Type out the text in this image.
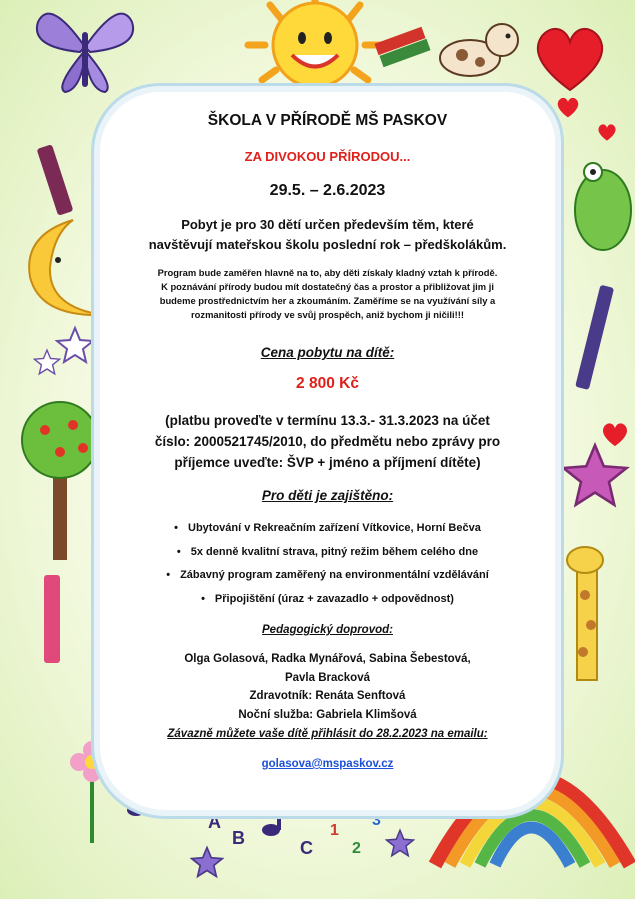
A
B	C
1
2
3
ŠKOLA V PŘÍRODĚ MŠ PASKOV
ZA DIVOKOU PŘÍRODOU...
29.5. – 2.6.2023
Pobyt je pro 30 dětí určen především těm, které
navštěvují mateřskou školu poslední rok – předškolákům.
Program bude zaměřen hlavně na to, aby děti získaly kladný vztah k přírodě.
K poznávání přírody budou mít dostatečný čas a prostor a přibližovat jim ji
budeme prostřednictvím her a zkoumáním. Zaměříme se na využívání síly a
rozmanitosti přírody ve svůj prospěch, aniž bychom ji ničili!!!
Cena pobytu na dítě:
2 800 Kč
(platbu proveďte v termínu 13.3.- 31.3.2023 na účet
číslo: 2000521745/2010, do předmětu nebo zprávy pro
příjemce uveďte: ŠVP + jméno a příjmení dítěte)
Pro děti je zajištěno:
• Ubytování v Rekreačním zařízení Vítkovice, Horní Bečva
• 5x denně kvalitní strava, pitný režim během celého dne
• Zábavný program zaměřený na environmentální vzdělávání
• Připojištění (úraz + zavazadlo + odpovědnost)
Pedagogický doprovod:
Olga Golasová, Radka Mynářová, Sabina Šebestová,
Pavla Bracková
Zdravotník: Renáta Senftová
Noční služba: Gabriela Klimšová
Závazně můžete vaše dítě přihlásit do 28.2.2023 na emailu:
golasova@mspaskov.cz
